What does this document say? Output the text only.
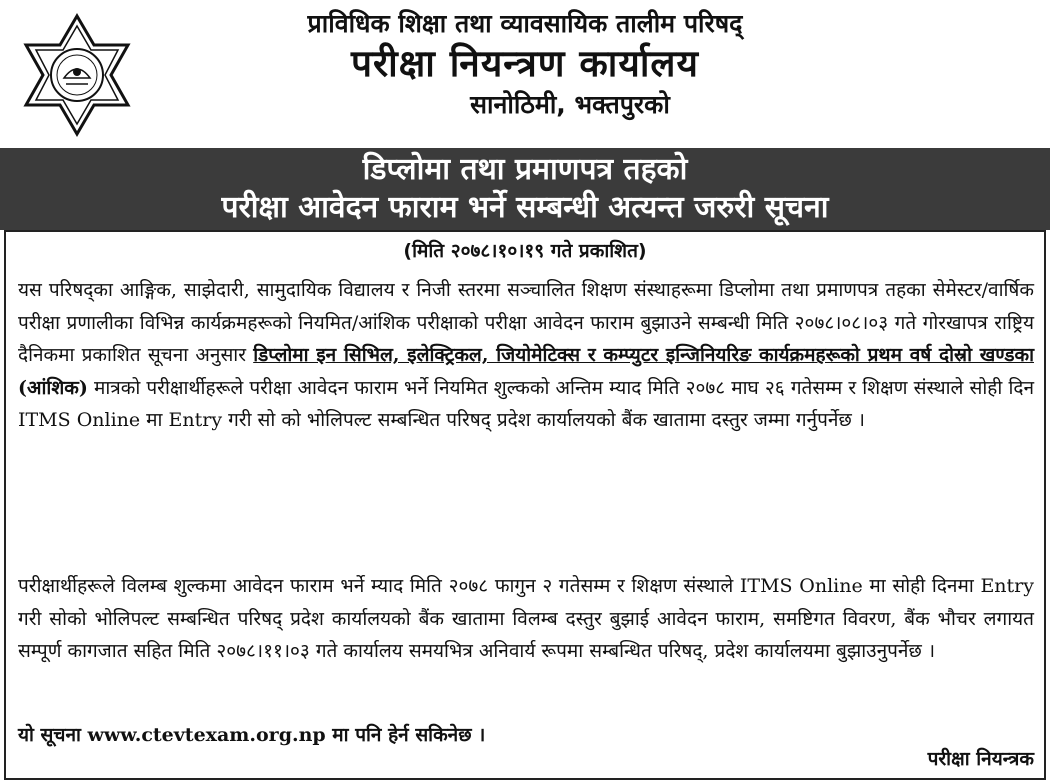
प्राविधिक शिक्षा तथा व्यावसायिक तालीम परिषद्
परीक्षा नियन्त्रण कार्यालय
सानोठिमी, भक्तपुरको
डिप्लोमा तथा प्रमाणपत्र तहको
परीक्षा आवेदन फाराम भर्ने सम्बन्धी अत्यन्त जरुरी सूचना
(मिति २०७८।१०।१९ गते प्रकाशित)
यस परिषद्का आङ्गिक, साझेदारी, सामुदायिक विद्यालय र निजी स्तरमा सञ्चालित शिक्षण संस्थाहरूमा डिप्लोमा तथा प्रमाणपत्र तहका सेमेस्टर/वार्षिक परीक्षा प्रणालीका विभिन्न कार्यक्रमहरूको नियमित/आंशिक परीक्षाको परीक्षा आवेदन फाराम बुझाउने सम्बन्धी मिति २०७८।०८।०३ गते गोरखापत्र राष्ट्रिय दैनिकमा प्रकाशित सूचना अनुसार डिप्लोमा इन सिभिल, इलेक्ट्रिकल, जियोमेटिक्स र कम्प्युटर इन्जिनियरिङ कार्यक्रमहरूको प्रथम वर्ष दोस्रो खण्डका (आंशिक) मात्रको परीक्षार्थीहरूले परीक्षा आवेदन फाराम भर्ने नियमित शुल्कको अन्तिम म्याद मिति २०७८ माघ २६ गतेसम्म र शिक्षण संस्थाले सोही दिन ITMS Online मा Entry गरी सो को भोलिपल्ट सम्बन्धित परिषद् प्रदेश कार्यालयको बैंक खातामा दस्तुर जम्मा गर्नुपर्नेछ ।
परीक्षार्थीहरूले विलम्ब शुल्कमा आवेदन फाराम भर्ने म्याद मिति २०७८ फागुन २ गतेसम्म र शिक्षण संस्थाले ITMS Online मा सोही दिनमा Entry गरी सोको भोलिपल्ट सम्बन्धित परिषद् प्रदेश कार्यालयको बैंक खातामा विलम्ब दस्तुर बुझाई आवेदन फाराम, समष्टिगत विवरण, बैंक भौचर लगायत सम्पूर्ण कागजात सहित मिति २०७८।११।०३ गते कार्यालय समयभित्र अनिवार्य रूपमा सम्बन्धित परिषद्, प्रदेश कार्यालयमा बुझाउनुपर्नेछ ।
यो सूचना www.ctevtexam.org.np मा पनि हेर्न सकिनेछ ।
परीक्षा नियन्त्रक
